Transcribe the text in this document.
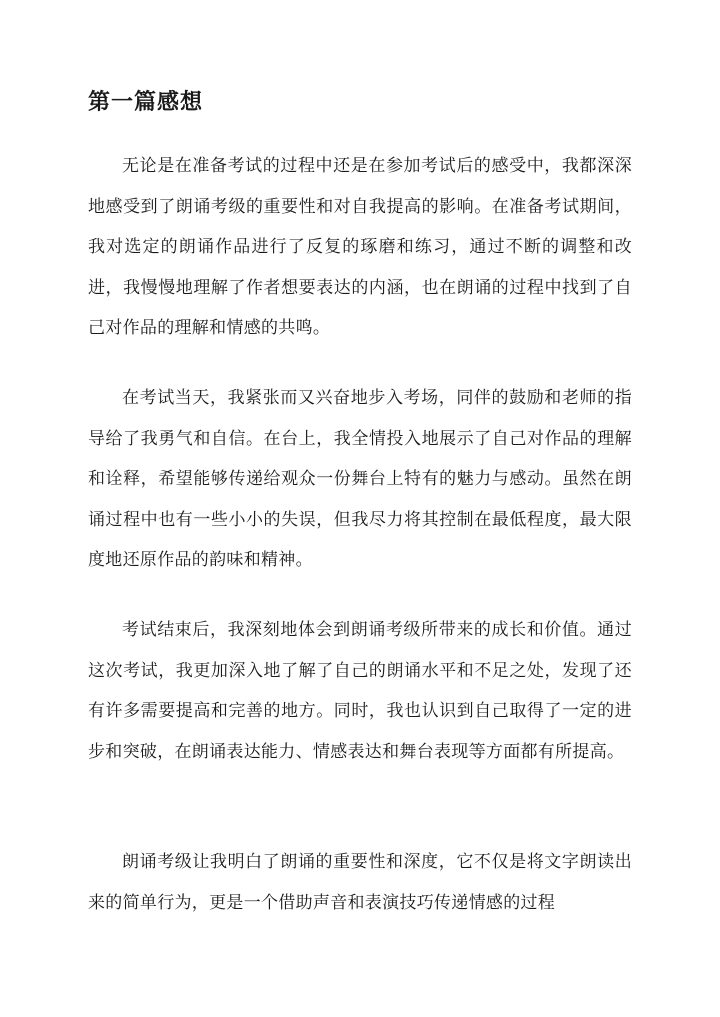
第一篇感想

无论是在准备考试的过程中还是在参加考试后的感受中，我都深深地感受到了朗诵考级的重要性和对自我提高的影响。在准备考试期间，我对选定的朗诵作品进行了反复的琢磨和练习，通过不断的调整和改进，我慢慢地理解了作者想要表达的内涵，也在朗诵的过程中找到了自己对作品的理解和情感的共鸣。

在考试当天，我紧张而又兴奋地步入考场，同伴的鼓励和老师的指导给了我勇气和自信。在台上，我全情投入地展示了自己对作品的理解和诠释，希望能够传递给观众一份舞台上特有的魅力与感动。虽然在朗诵过程中也有一些小小的失误，但我尽力将其控制在最低程度，最大限度地还原作品的韵味和精神。

考试结束后，我深刻地体会到朗诵考级所带来的成长和价值。通过这次考试，我更加深入地了解了自己的朗诵水平和不足之处，发现了还有许多需要提高和完善的地方。同时，我也认识到自己取得了一定的进步和突破，在朗诵表达能力、情感表达和舞台表现等方面都有所提高。

朗诵考级让我明白了朗诵的重要性和深度，它不仅是将文字朗读出来的简单行为，更是一个借助声音和表演技巧传递情感的过程
